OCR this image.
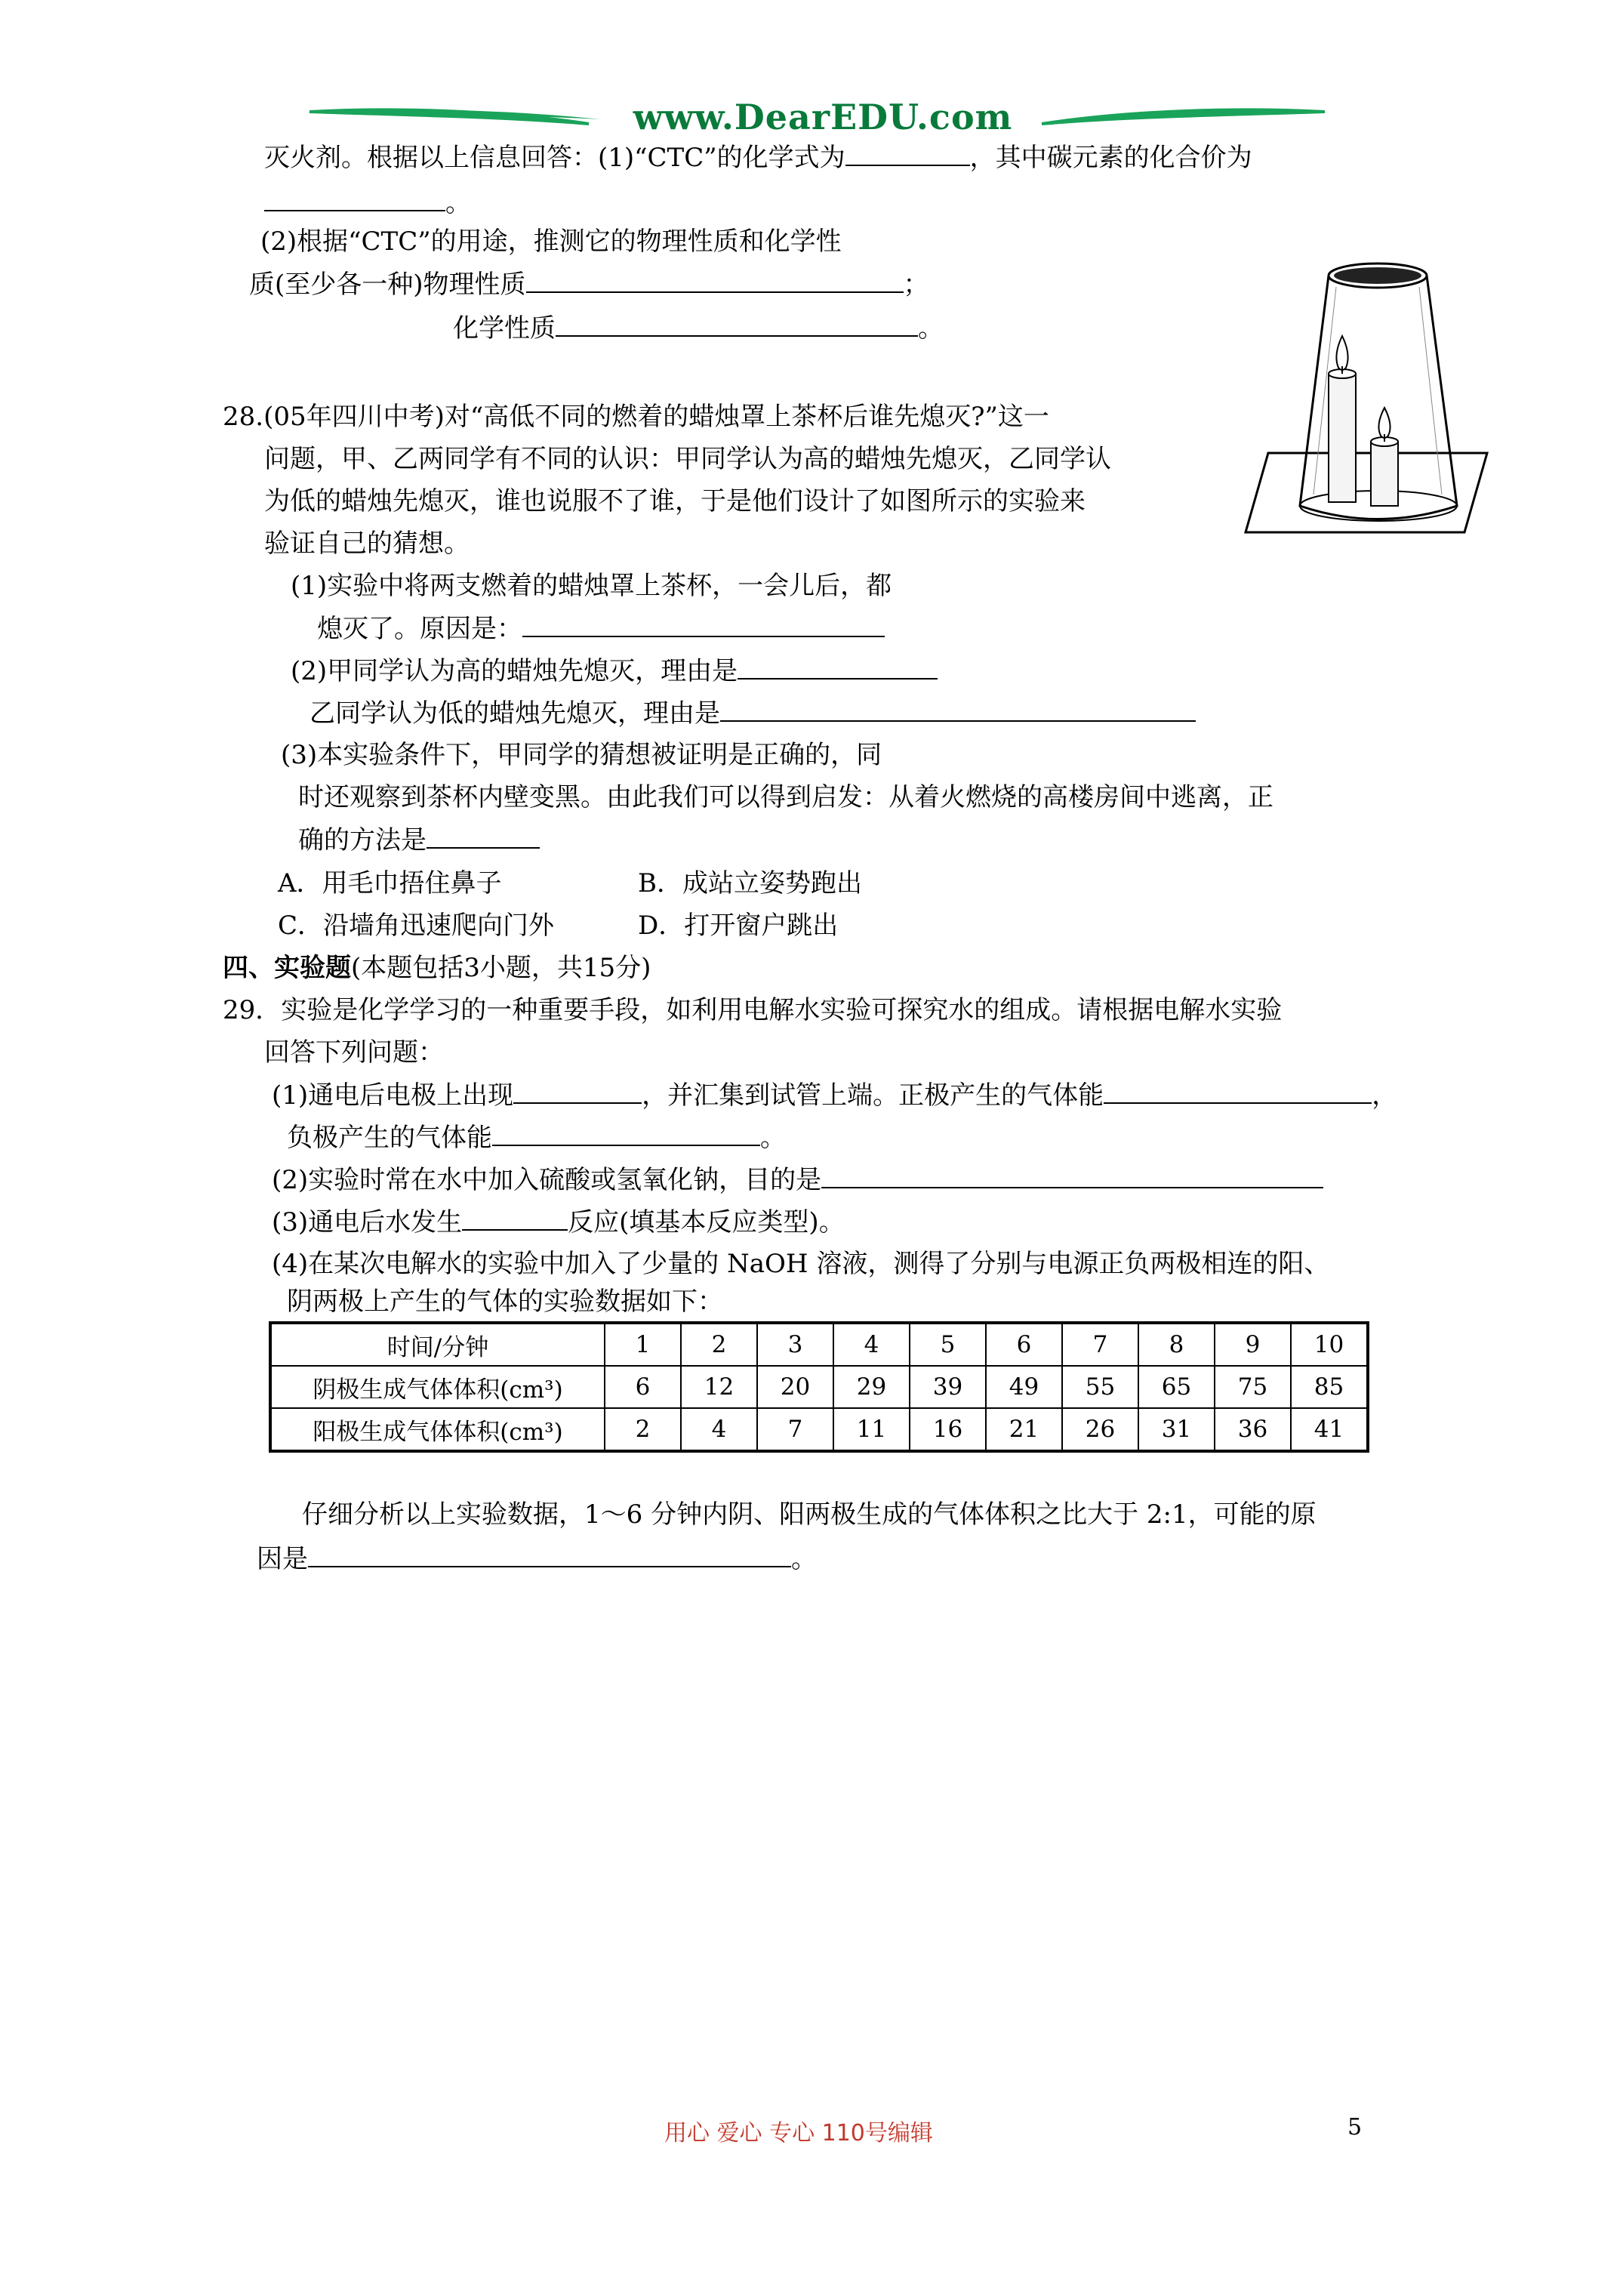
www.DearEDU.com
灭火剂。根据以上信息回答：(1)“CTC”的化学式为	，其中碳元素的化合价为
。
(2)根据“CTC”的用途，推测它的物理性质和化学性
质(至少各一种)物理性质	；
化学性质	。
28.(05年四川中考)对“高低不同的燃着的蜡烛罩上茶杯后谁先熄灭?”这一
问题，甲、乙两同学有不同的认识：甲同学认为高的蜡烛先熄灭，乙同学认
为低的蜡烛先熄灭，谁也说服不了谁，于是他们设计了如图所示的实验来
验证自己的猜想。
(1)实验中将两支燃着的蜡烛罩上茶杯，一会儿后，都
熄灭了。原因是：
(2)甲同学认为高的蜡烛先熄灭，理由是
乙同学认为低的蜡烛先熄灭，理由是
(3)本实验条件下，甲同学的猜想被证明是正确的，同
时还观察到茶杯内壁变黑。由此我们可以得到启发：从着火燃烧的高楼房间中逃离，正
确的方法是
A．用毛巾捂住鼻子	B．成站立姿势跑出
C．沿墙角迅速爬向门外	D．打开窗户跳出
四、实验题(本题包括3小题，共15分)
29．实验是化学学习的一种重要手段，如利用电解水实验可探究水的组成。请根据电解水实验
回答下列问题：
(1)通电后电极上出现	，并汇集到试管上端。正极产生的气体能	，
负极产生的气体能	。
(2)实验时常在水中加入硫酸或氢氧化钠，目的是
(3)通电后水发生	反应(填基本反应类型)。
(4)在某次电解水的实验中加入了少量的 NaOH 溶液，测得了分别与电源正负两极相连的阳、
阴两极上产生的气体的实验数据如下：
时间/分钟	1	2	3	4	5	6	7	8	9	10
阴极生成气体体积(cm³)	6	12	20	29	39	49	55	65	75	85
阳极生成气体体积(cm³)	2	4	7	11	16	21	26	31	36	41
仔细分析以上实验数据，1～6 分钟内阴、阳两极生成的气体体积之比大于 2:1，可能的原
因是	。
用心 爱心 专心 110号编辑	5
